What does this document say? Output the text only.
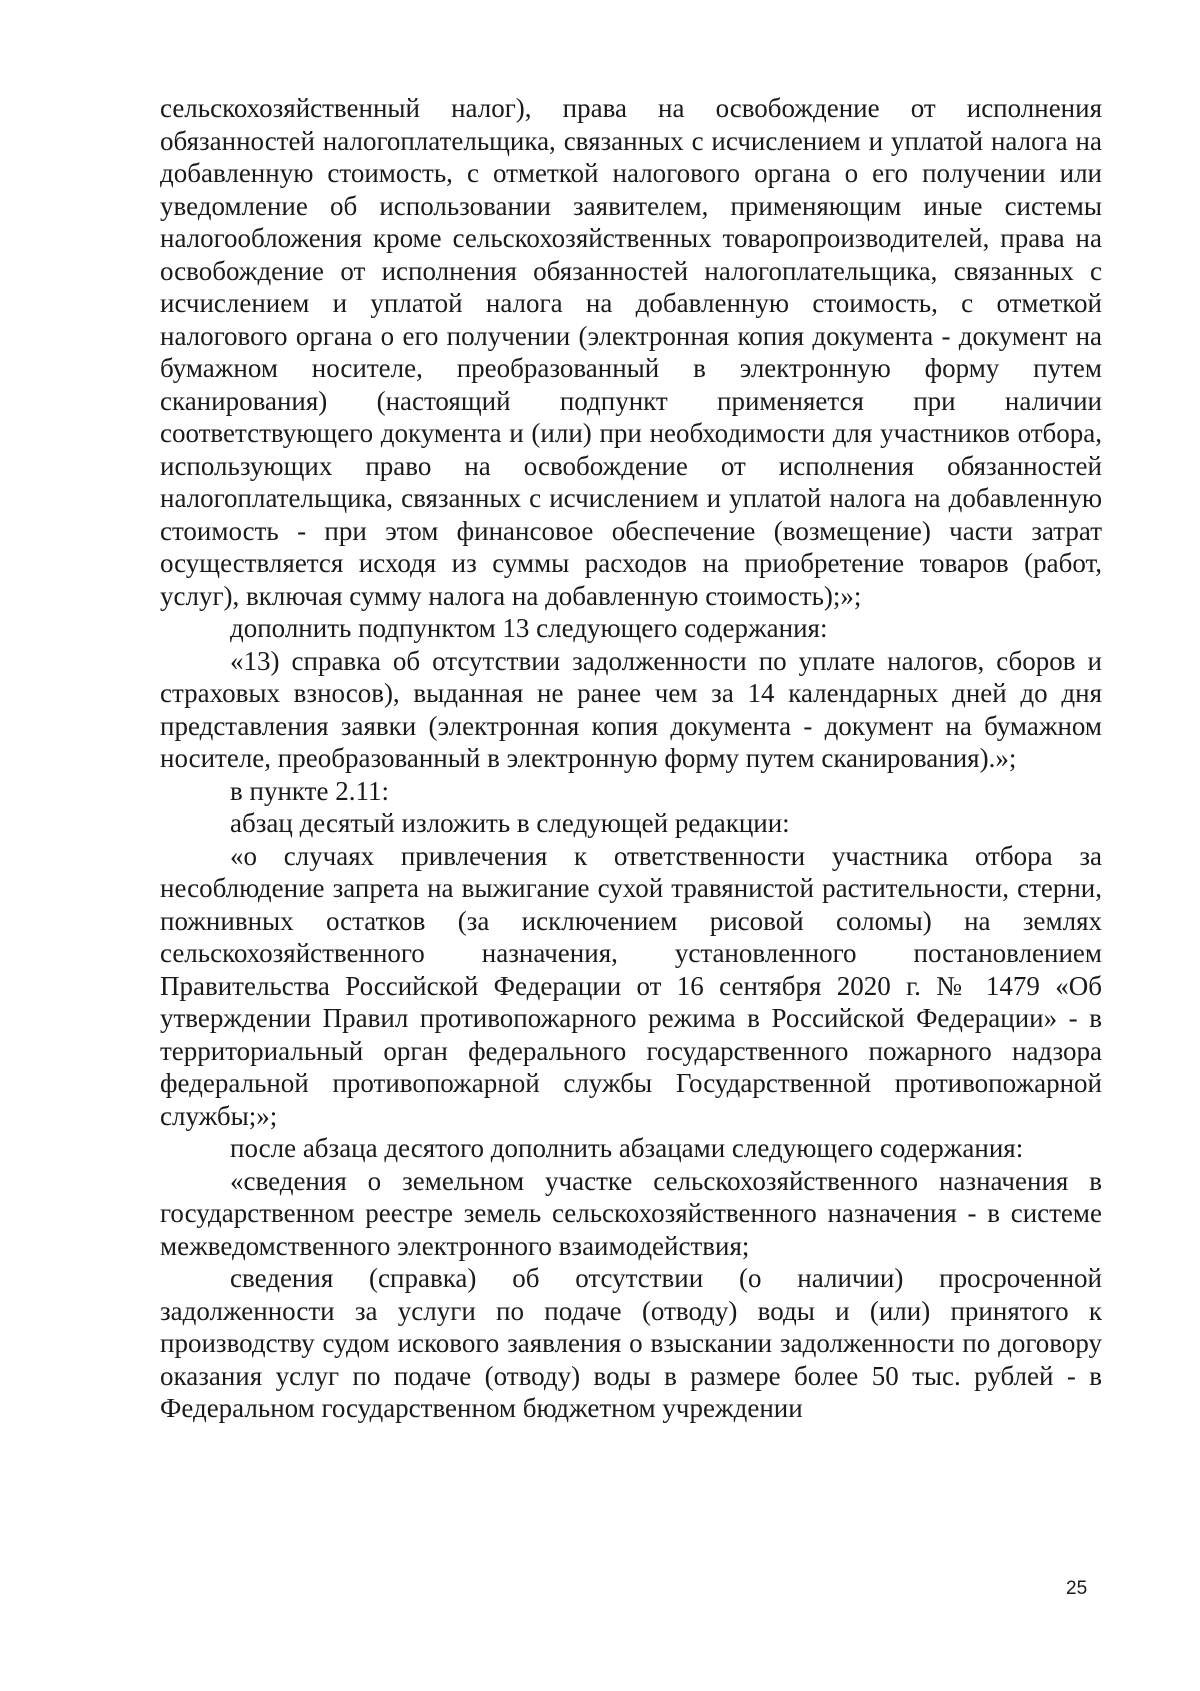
сельскохозяйственный налог), права на освобождение от исполнения обязанностей налогоплательщика, связанных с исчислением и уплатой налога на добавленную стоимость, с отметкой налогового органа о его получении или уведомление об использовании заявителем, применяющим иные системы налогообложения кроме сельскохозяйственных товаропроизводителей, права на освобождение от исполнения обязанностей налогоплательщика, связанных с исчислением и уплатой налога на добавленную стоимость, с отметкой налогового органа о его получении (электронная копия документа - документ на бумажном носителе, преобразованный в электронную форму путем сканирования) (настоящий подпункт применяется при наличии соответствующего документа и (или) при необходимости для участников отбора, использующих право на освобождение от исполнения обязанностей налогоплательщика, связанных с исчислением и уплатой налога на добавленную стоимость - при этом финансовое обеспечение (возмещение) части затрат осуществляется исходя из суммы расходов на приобретение товаров (работ, услуг), включая сумму налога на добавленную стоимость);»;

дополнить подпунктом 13 следующего содержания:

«13) справка об отсутствии задолженности по уплате налогов, сборов и страховых взносов), выданная не ранее чем за 14 календарных дней до дня представления заявки (электронная копия документа - документ на бумажном носителе, преобразованный в электронную форму путем сканирования).»;

в пункте 2.11:

абзац десятый изложить в следующей редакции:

«о случаях привлечения к ответственности участника отбора за несоблюдение запрета на выжигание сухой травянистой растительности, стерни, пожнивных остатков (за исключением рисовой соломы) на землях сельскохозяйственного назначения, установленного постановлением Правительства Российской Федерации от 16 сентября 2020 г. № 1479 «Об утверждении Правил противопожарного режима в Российской Федерации» - в территориальный орган федерального государственного пожарного надзора федеральной противопожарной службы Государственной противопожарной службы;»;

после абзаца десятого дополнить абзацами следующего содержания:

«сведения о земельном участке сельскохозяйственного назначения в государственном реестре земель сельскохозяйственного назначения - в системе межведомственного электронного взаимодействия;

сведения (справка) об отсутствии (о наличии) просроченной задолженности за услуги по подаче (отводу) воды и (или) принятого к производству судом искового заявления о взыскании задолженности по договору оказания услуг по подаче (отводу) воды в размере более 50 тыс. рублей - в Федеральном государственном бюджетном учреждении

25
